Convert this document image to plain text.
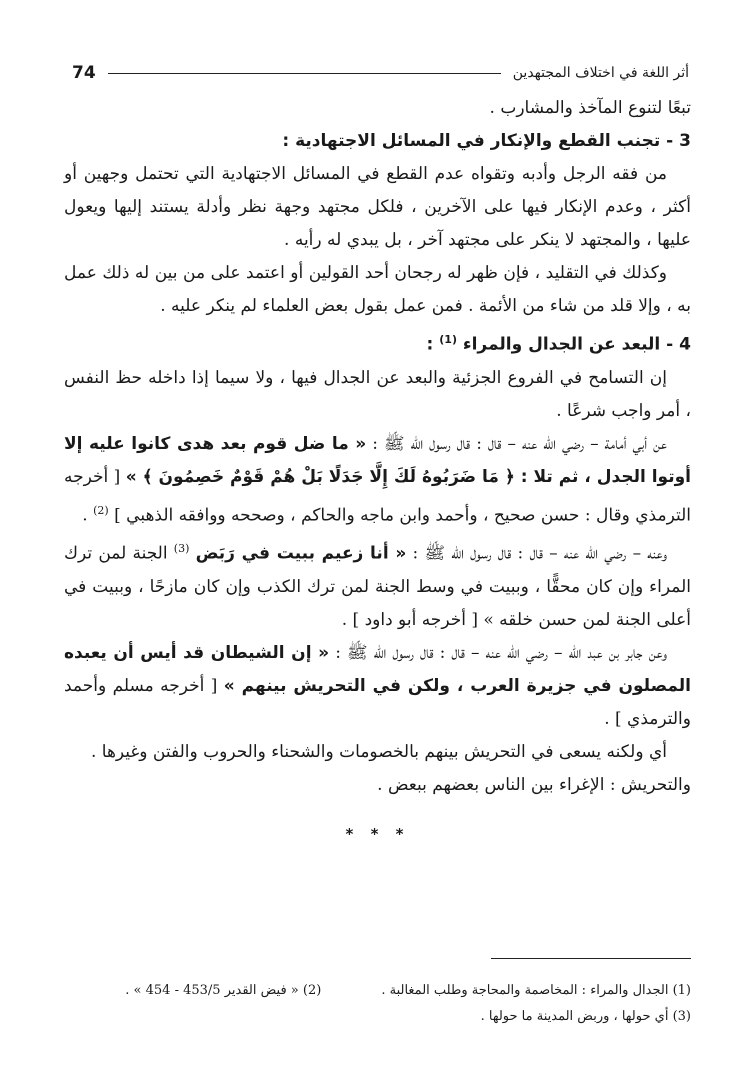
74	أثر اللغة في اختلاف المجتهدين

تبعًا لتنوع المآخذ والمشارب .

3 - تجنب القطع والإنكار في المسائل الاجتهادية :

من فقه الرجل وأدبه وتقواه عدم القطع في المسائل الاجتهادية التي تحتمل وجهين أو أكثر ، وعدم الإنكار فيها على الآخرين ، فلكل مجتهد وجهة نظر وأدلة يستند إليها ويعول عليها ، والمجتهد لا ينكر على مجتهد آخر ، بل يبدي له رأيه .

وكذلك في التقليد ، فإن ظهر له رجحان أحد القولين أو اعتمد على من بين له ذلك عمل به ، وإلا قلد من شاء من الأئمة . فمن عمل بقول بعض العلماء لم ينكر عليه .

4 - البعد عن الجدال والمراء $^{(1)}$ :

إن التسامح في الفروع الجزئية والبعد عن الجدال فيها ، ولا سيما إذا داخله حظ النفس ، أمر واجب شرعًا .

عن أبي أمامة – رضي الله عنه – قال : قال رسول الله ﷺ : « ما ضل قوم بعد هدى كانوا عليه إلا أوتوا الجدل ، ثم تلا : ﴿ مَا ضَرَبُوهُ لَكَ إِلَّا جَدَلًا بَلْ هُمْ قَوْمٌ خَصِمُونَ ﴾ » [ أخرجه الترمذي وقال : حسن صحيح ، وأحمد وابن ماجه والحاكم ، وصححه ووافقه الذهبي ] $^{(2)}$ .

وعنه – رضي الله عنه – قال : قال رسول الله ﷺ : « أنا زعيم ببيت في رَبَض $^{(3)}$ الجنة لمن ترك المراء وإن كان محقًّا ، وببيت في وسط الجنة لمن ترك الكذب وإن كان مازحًا ، وببيت في أعلى الجنة لمن حسن خلقه » [ أخرجه أبو داود ] .

وعن جابر بن عبد الله – رضي الله عنه – قال : قال رسول الله ﷺ : « إن الشيطان قد أيس أن يعبده المصلون في جزيرة العرب ، ولكن في التحريش بينهم » [ أخرجه مسلم وأحمد والترمذي ] .

أي ولكنه يسعى في التحريش بينهم بالخصومات والشحناء والحروب والفتن وغيرها .

والتحريش : الإغراء بين الناس بعضهم ببعض .

* * *

(1) الجدال والمراء : المخاصمة والمحاجة وطلب المغالبة .
(2) « فيض القدير 453/5 - 454 » .
(3) أي حولها ، وربض المدينة ما حولها .
